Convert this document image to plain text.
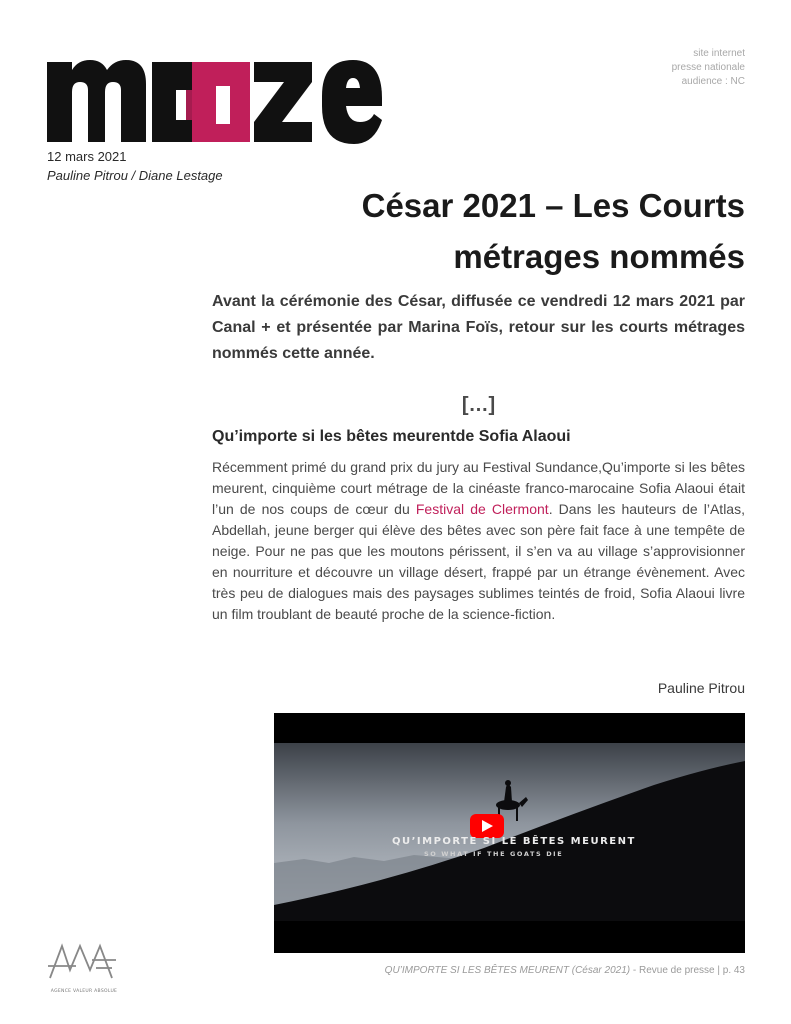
maze
site internet
presse nationale
audience : NC
12 mars 2021
Pauline Pitrou / Diane Lestage
César 2021 – Les Courts métrages nommés

Avant la cérémonie des César, diffusée ce vendredi 12 mars 2021 par Canal + et présentée par Marina Foïs, retour sur les courts métrages nommés cette année.

[…]
Qu’importe si les bêtes meurentde Sofia Alaoui

Récemment primé du grand prix du jury au Festival Sundance,Qu’importe si les bêtes meurent, cinquième court métrage de la cinéaste franco-marocaine Sofia Alaoui était l’un de nos coups de cœur du Festival de Clermont. Dans les hauteurs de l’Atlas, Abdellah, jeune berger qui élève des bêtes avec son père fait face à une tempête de neige. Pour ne pas que les moutons périssent, il s’en va au village s’approvisionner en nourriture et découvre un village désert, frappé par un étrange évènement. Avec très peu de dialogues mais des paysages sublimes teintés de froid, Sofia Alaoui livre un film troublant de beauté proche de la science-fiction.

Pauline Pitrou
QU’IMPORTE SI LE BÊTES MEURENT
SO WHAT IF THE GOATS DIE
AGENCE VALEUR ABSOLUE
QU’IMPORTE SI LES BÊTES MEURENT (César 2021) - Revue de presse | p. 43
